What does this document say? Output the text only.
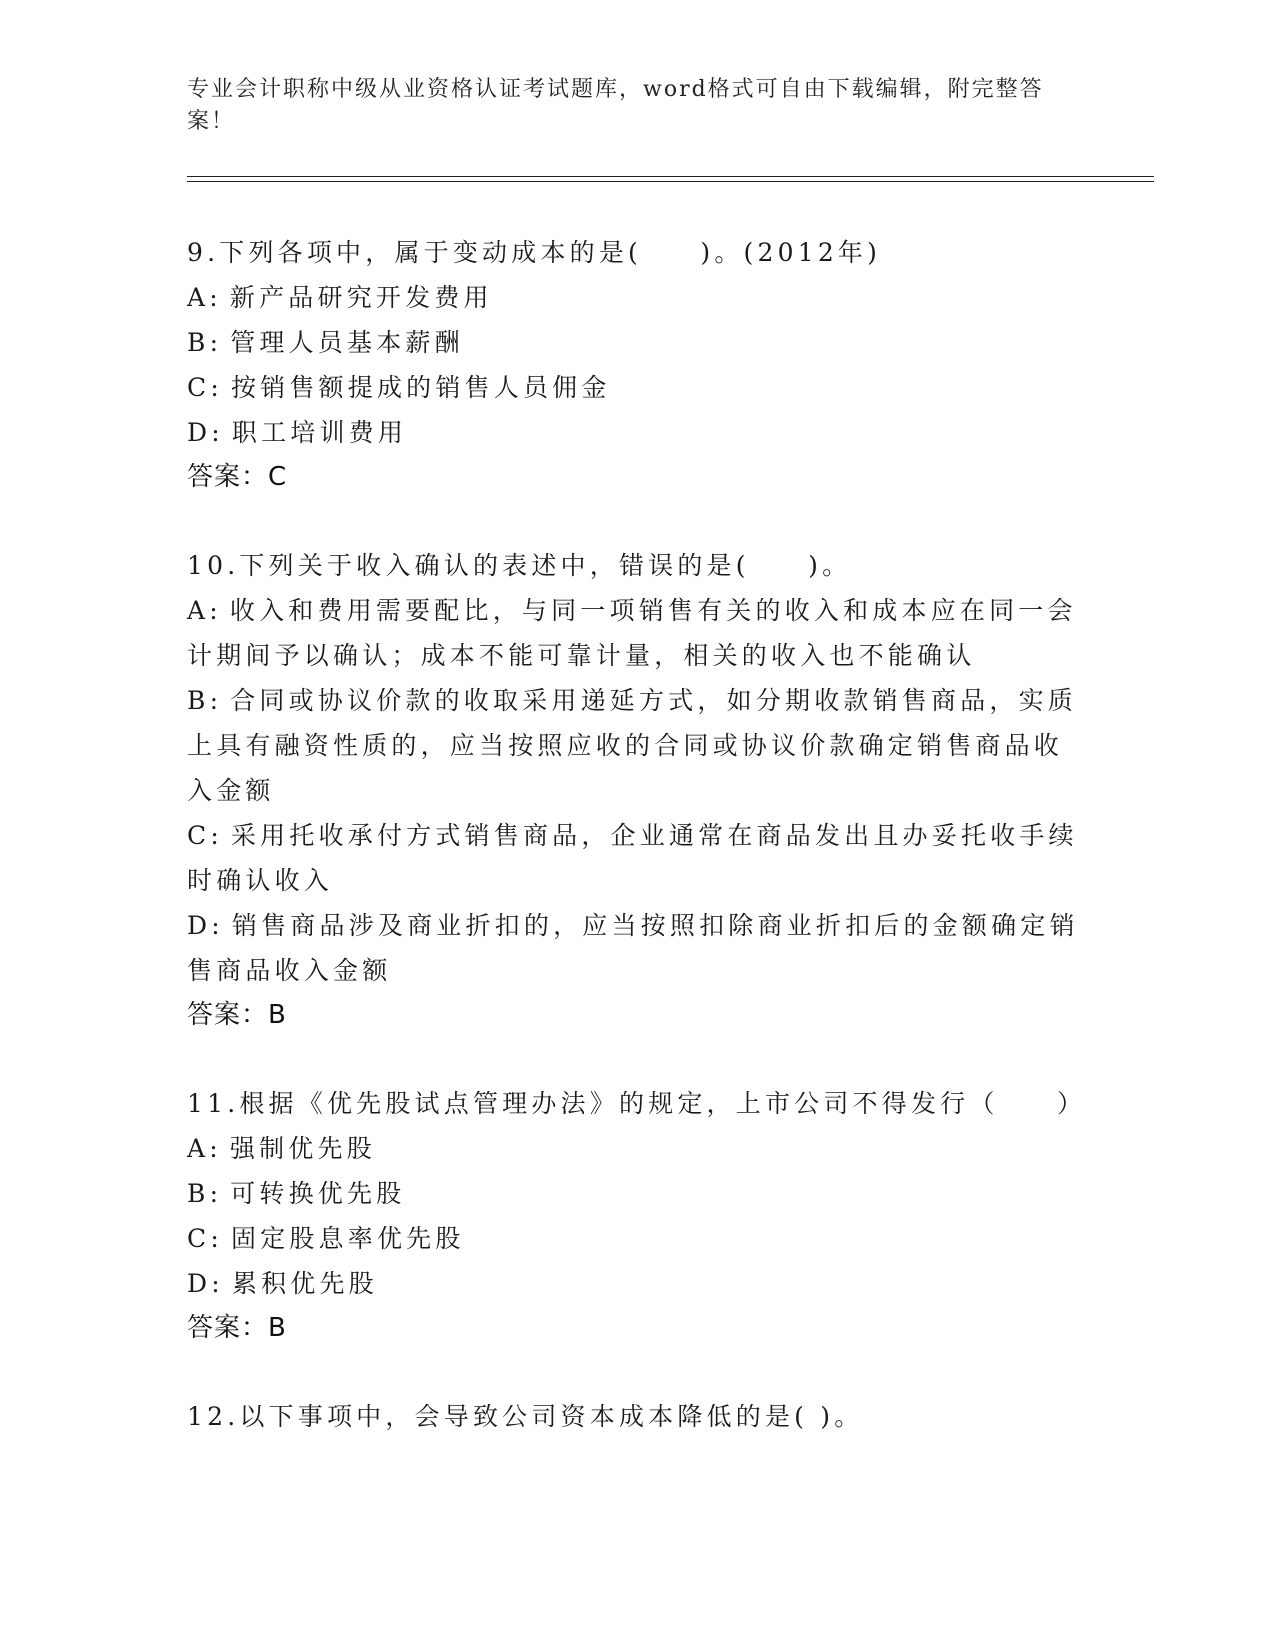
专业会计职称中级从业资格认证考试题库，word格式可自由下载编辑，附完整答案！
9.下列各项中，属于变动成本的是(　　)。(2012年)
A: 新产品研究开发费用
B: 管理人员基本薪酬
C: 按销售额提成的销售人员佣金
D: 职工培训费用
答案：C
10.下列关于收入确认的表述中，错误的是(　　)。
A: 收入和费用需要配比，与同一项销售有关的收入和成本应在同一会计期间予以确认；成本不能可靠计量，相关的收入也不能确认
B: 合同或协议价款的收取采用递延方式，如分期收款销售商品，实质上具有融资性质的，应当按照应收的合同或协议价款确定销售商品收入金额
C: 采用托收承付方式销售商品，企业通常在商品发出且办妥托收手续时确认收入
D: 销售商品涉及商业折扣的，应当按照扣除商业折扣后的金额确定销售商品收入金额
答案：B
11.根据《优先股试点管理办法》的规定，上市公司不得发行（　　）
A: 强制优先股
B: 可转换优先股
C: 固定股息率优先股
D: 累积优先股
答案：B
12.以下事项中，会导致公司资本成本降低的是( )。
